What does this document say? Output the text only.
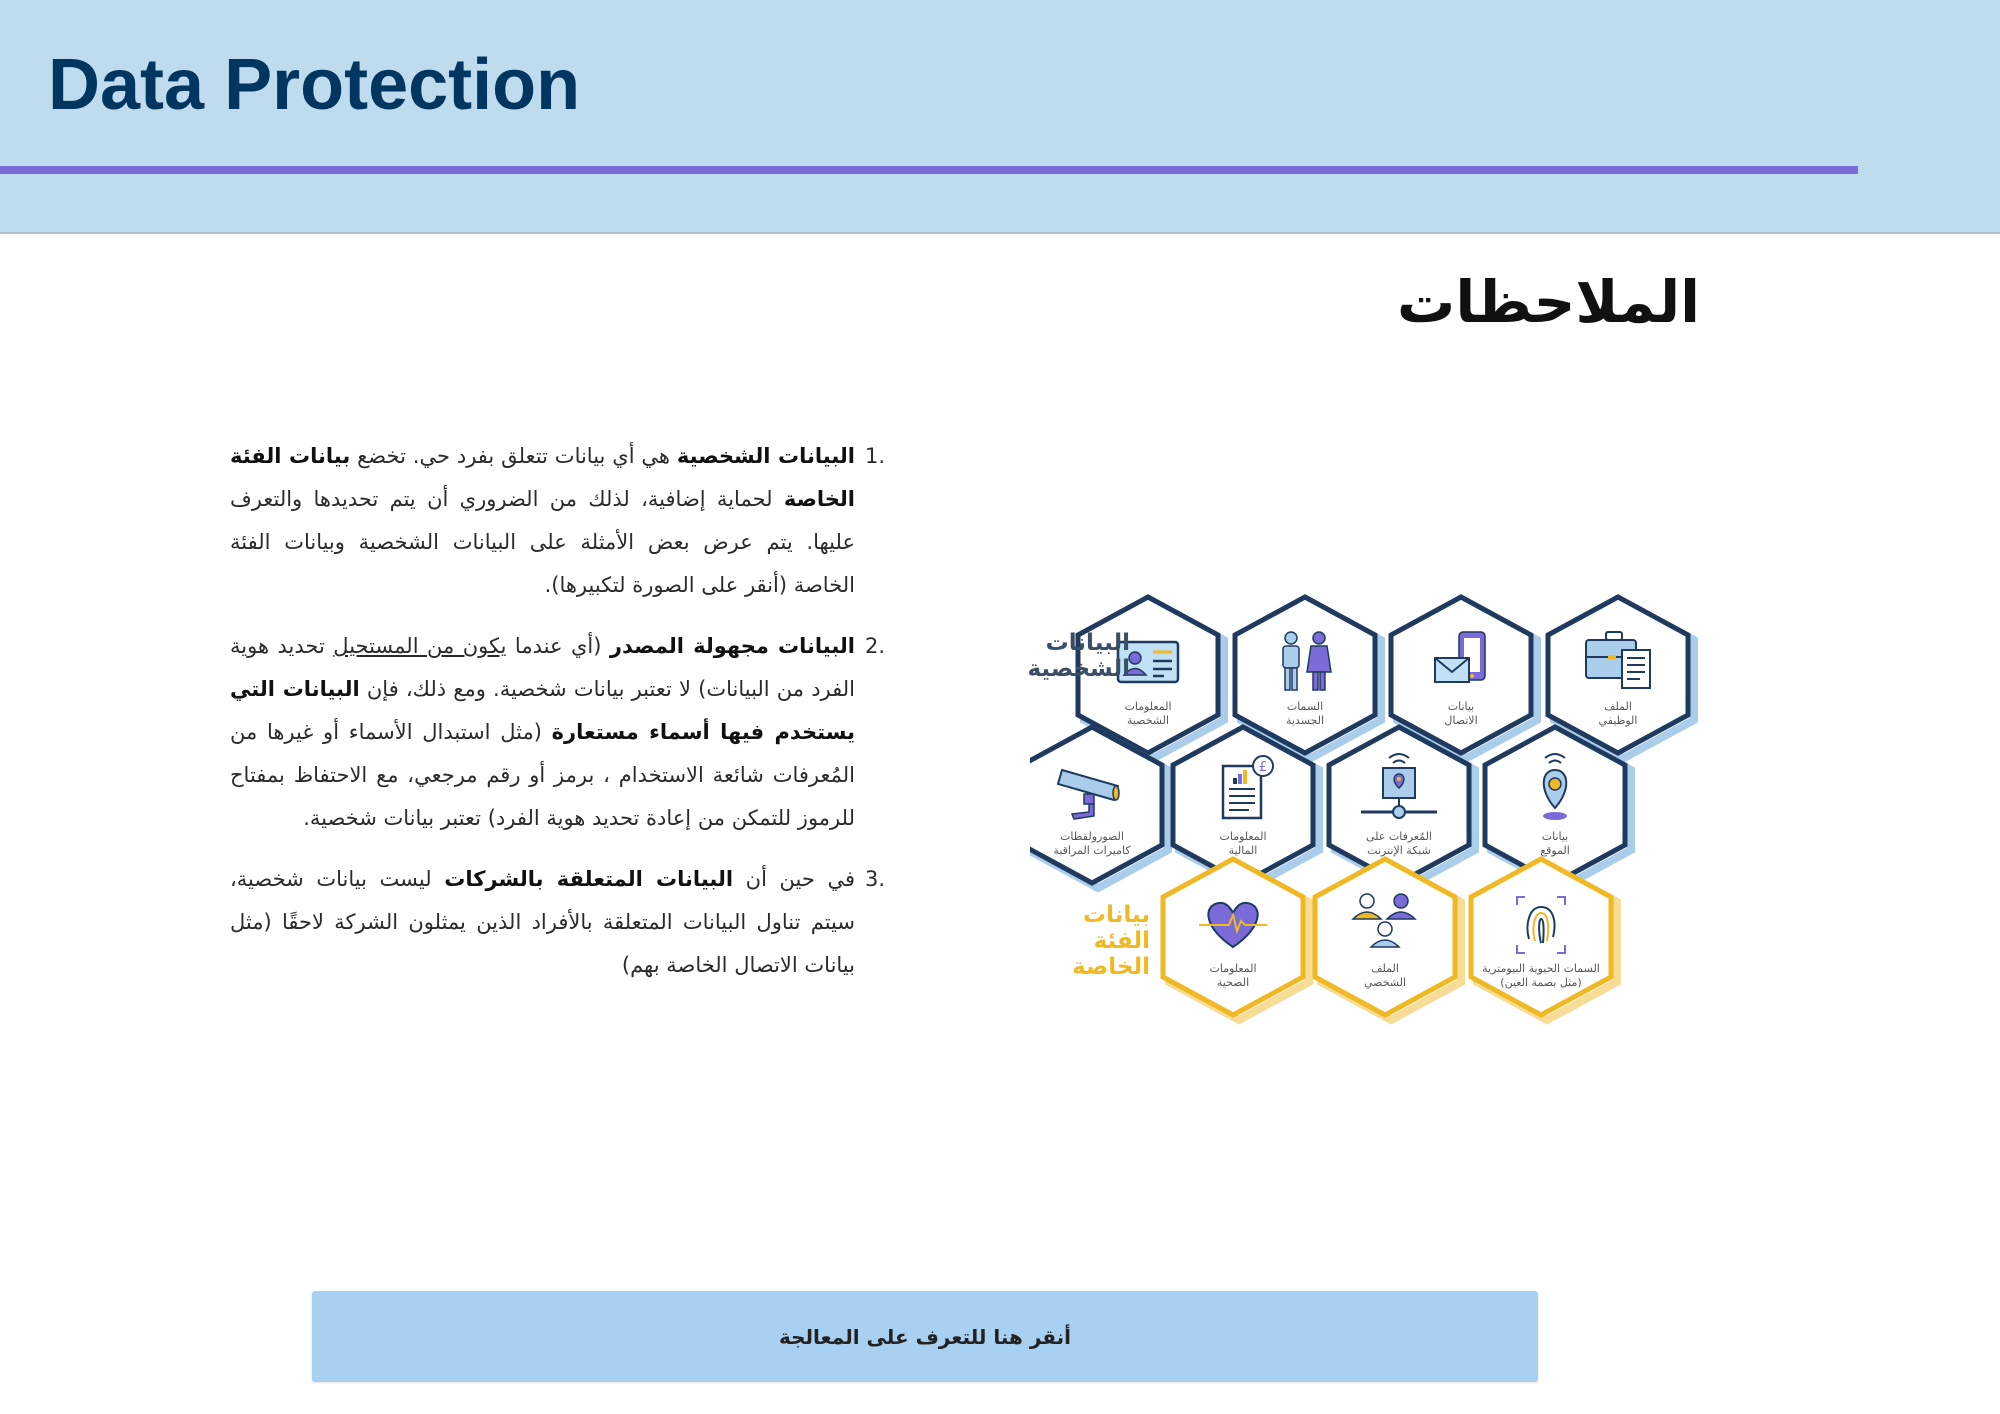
Data Protection
الملاحظات
1.
البيانات الشخصية هي أي بيانات تتعلق بفرد حي. تخضع بيانات الفئة الخاصة لحماية إضافية، لذلك من الضروري أن يتم تحديدها والتعرف عليها. يتم عرض بعض الأمثلة على البيانات الشخصية وبيانات الفئة الخاصة (أنقر على الصورة لتكبيرها).
2.
البيانات مجهولة المصدر (أي عندما يكون من المستحيل تحديد هوية الفرد من البيانات) لا تعتبر بيانات شخصية. ومع ذلك، فإن البيانات التي يستخدم فيها أسماء مستعارة (مثل استبدال الأسماء أو غيرها من المُعرفات شائعة الاستخدام ، برمز أو رقم مرجعي، مع الاحتفاظ بمفتاح للرموز للتمكن من إعادة تحديد هوية الفرد) تعتبر بيانات شخصية.
3.
في حين أن البيانات المتعلقة بالشركات ليست بيانات شخصية، سيتم تناول البيانات المتعلقة بالأفراد الذين يمثلون الشركة لاحقًا (مثل بيانات الاتصال الخاصة بهم)
£
البيانات الشخصية
بيانات الفئة الخاصة
المعلومات
الشخصية
السمات
الجسدية
بيانات
الاتصال
الملف
الوظيفي
الصورولقطات
كاميرات المراقبة
المعلومات
المالية
المُعرفات على
شبكة الإنترنت
بيانات
الموقع
المعلومات
الصحية
الملف
الشخصي
السمات الحيوية البيومترية
(مثل بصمة العين)
أنقر هنا للتعرف على المعالجة
